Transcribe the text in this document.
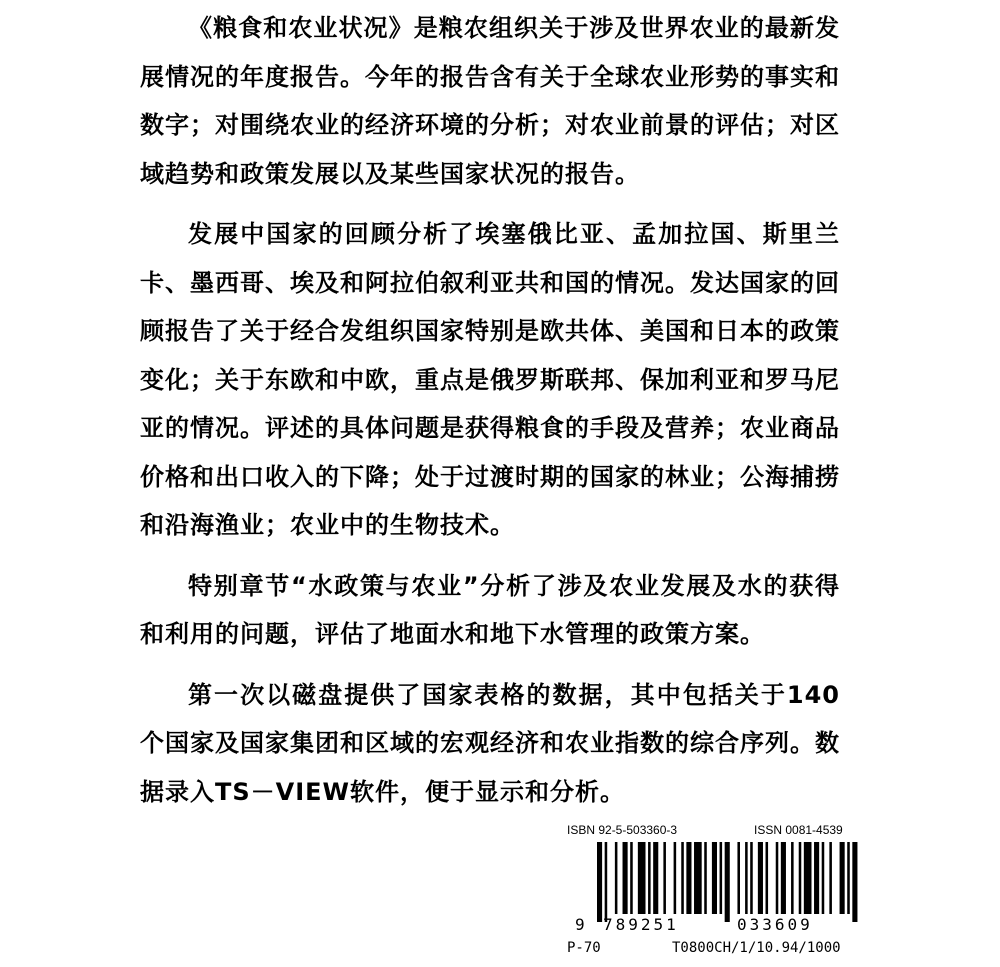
《粮食和农业状况》是粮农组织关于涉及世界农业的最新发展情况的年度报告。今年的报告含有关于全球农业形势的事实和数字；对围绕农业的经济环境的分析；对农业前景的评估；对区域趋势和政策发展以及某些国家状况的报告。

发展中国家的回顾分析了埃塞俄比亚、孟加拉国、斯里兰卡、墨西哥、埃及和阿拉伯叙利亚共和国的情况。发达国家的回顾报告了关于经合发组织国家特别是欧共体、美国和日本的政策变化；关于东欧和中欧，重点是俄罗斯联邦、保加利亚和罗马尼亚的情况。评述的具体问题是获得粮食的手段及营养；农业商品价格和出口收入的下降；处于过渡时期的国家的林业；公海捕捞和沿海渔业；农业中的生物技术。

特别章节“水政策与农业”分析了涉及农业发展及水的获得和利用的问题，评估了地面水和地下水管理的政策方案。

第一次以磁盘提供了国家表格的数据，其中包括关于140个国家及国家集团和区域的宏观经济和农业指数的综合序列。数据录入TS－VIEW软件，便于显示和分析。

ISBN 92-5-503360-3	ISSN 0081-4539
9 789251	033609
P-70	T0800CH/1/10.94/1000
